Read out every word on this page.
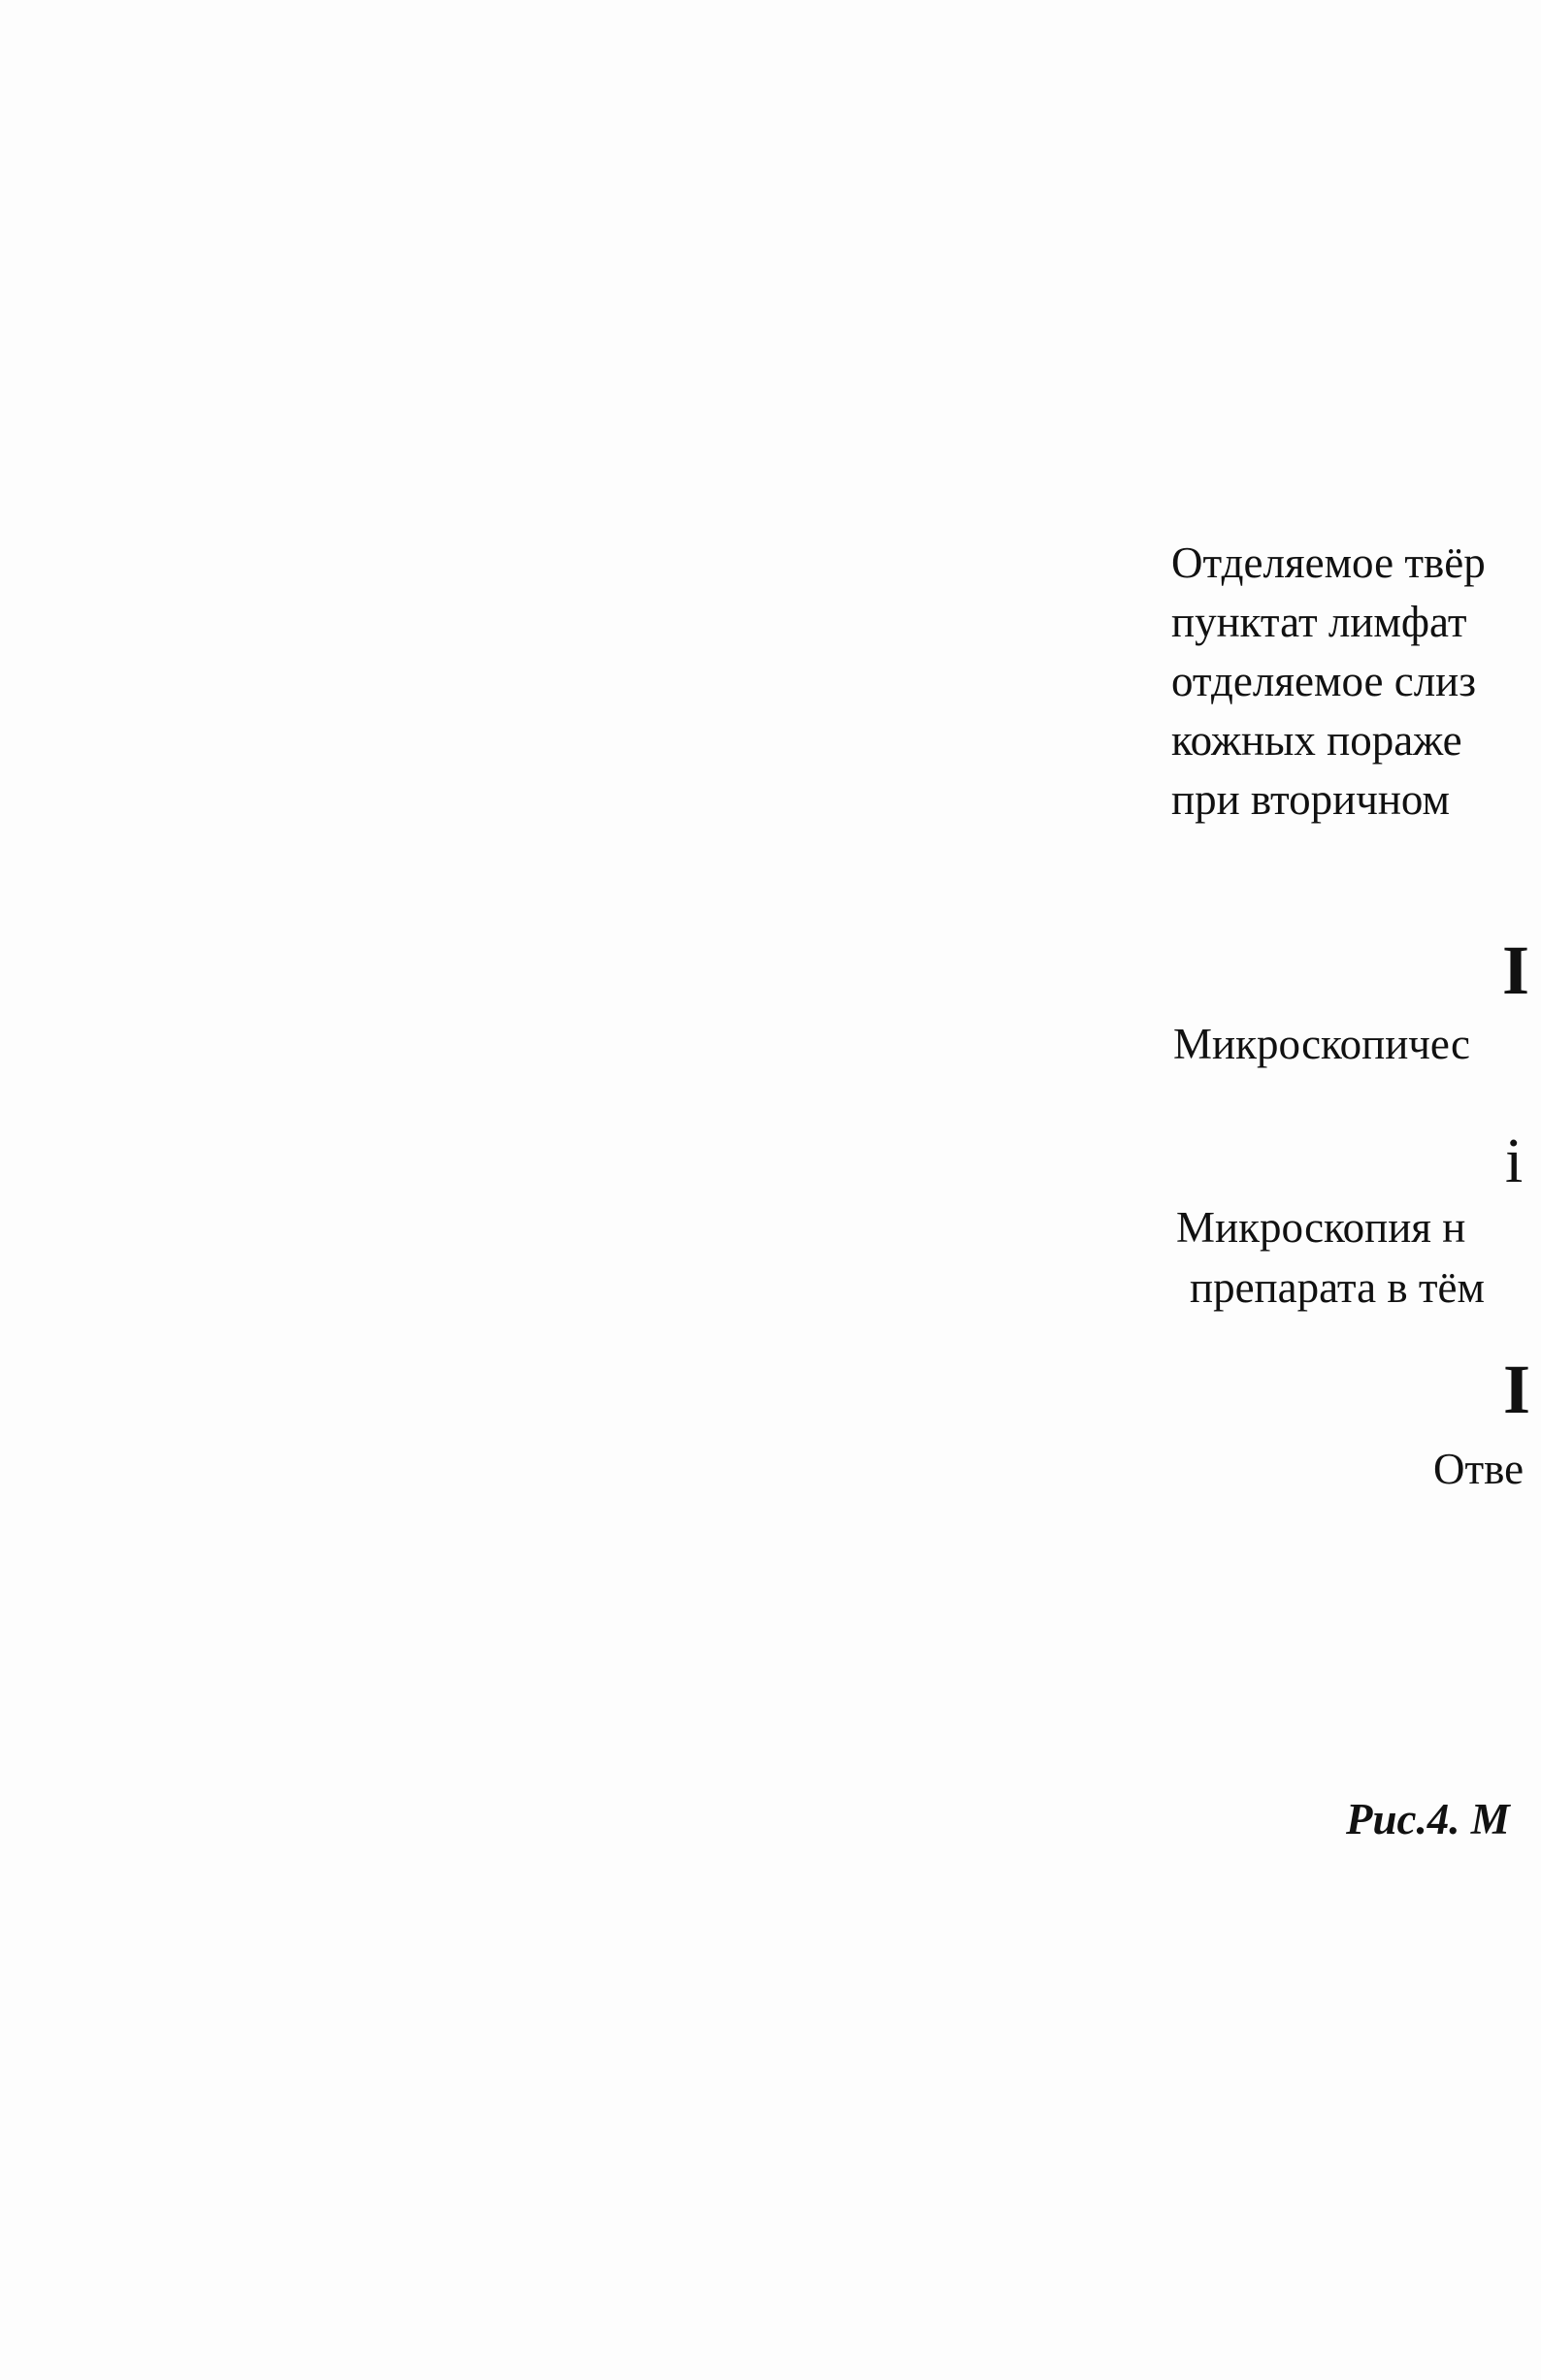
Отделяемое твёр
пунктат лимфат
отделяемое слиз
кожных пораже
при вторичном
I
Микроскопичес
i
Микроскопия н
препарата в тём
I
Отве
Рис.4. М
